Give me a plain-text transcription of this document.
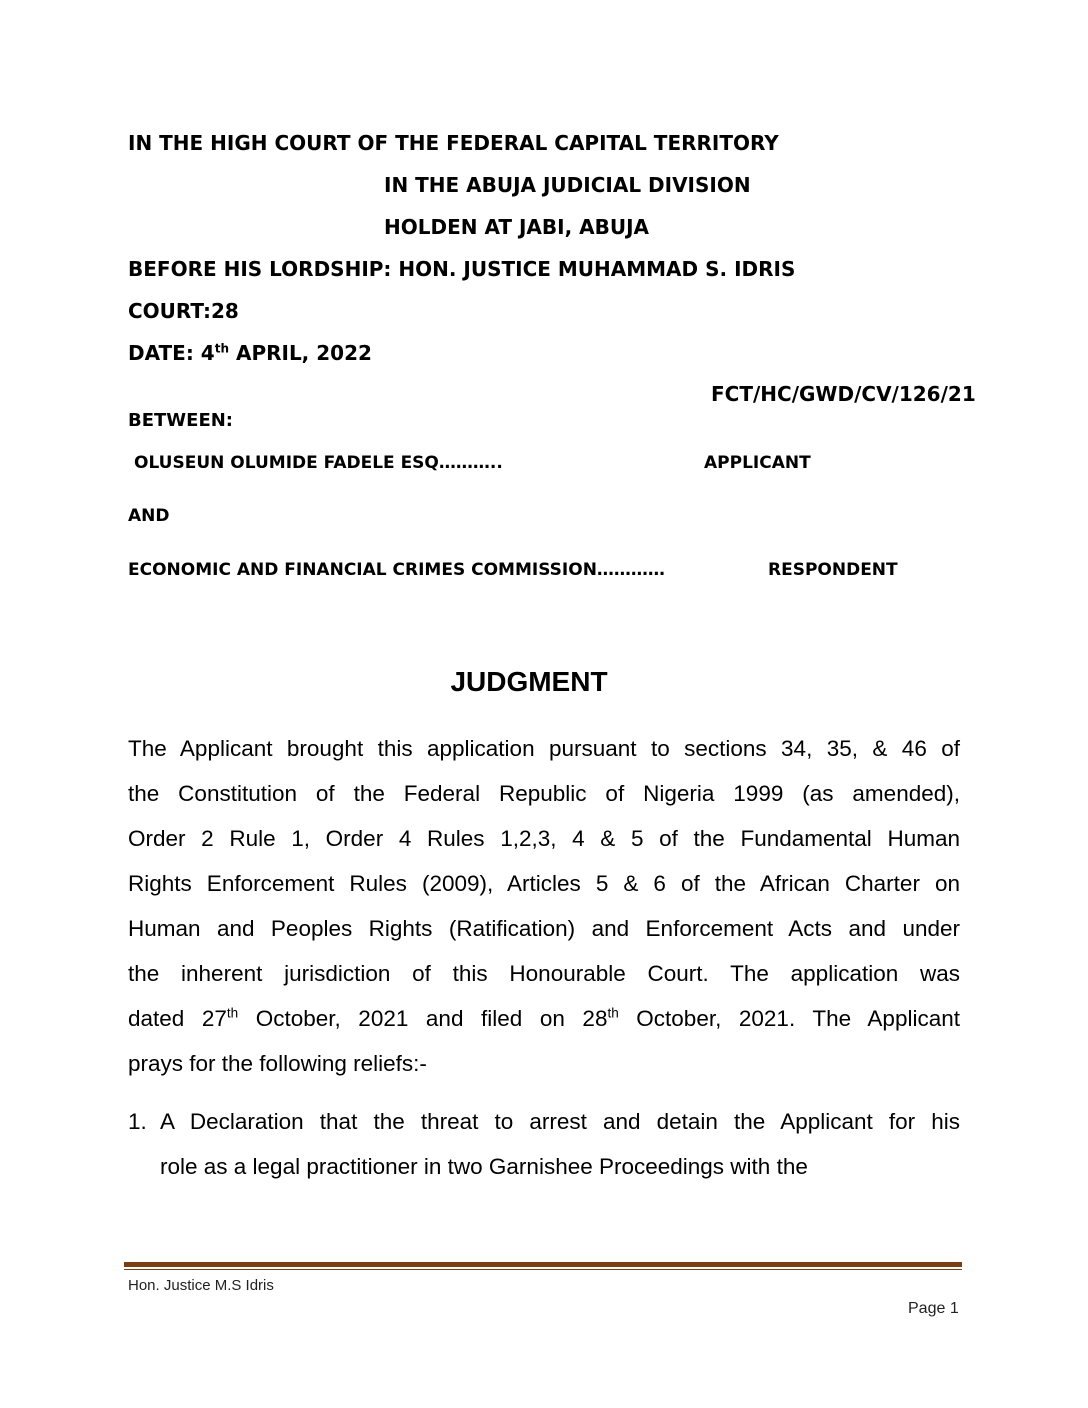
IN THE HIGH COURT OF THE FEDERAL CAPITAL TERRITORY
IN THE ABUJA JUDICIAL DIVISION
HOLDEN AT JABI, ABUJA
BEFORE HIS LORDSHIP: HON. JUSTICE MUHAMMAD S. IDRIS
COURT:28
DATE: 4th APRIL, 2022
FCT/HC/GWD/CV/126/21
BETWEEN:
OLUSEUN OLUMIDE FADELE ESQ………..	APPLICANT
AND
ECONOMIC AND FINANCIAL CRIMES COMMISSION…………	RESPONDENT
JUDGMENT
The Applicant brought this application pursuant to sections 34, 35, & 46 of
the Constitution of the Federal Republic of Nigeria 1999 (as amended),
Order 2 Rule 1, Order 4 Rules 1,2,3, 4 & 5 of the Fundamental Human
Rights Enforcement Rules (2009), Articles 5 & 6 of the African Charter on
Human and Peoples Rights (Ratification) and Enforcement Acts and under
the inherent jurisdiction of this Honourable Court. The application was
dated 27th October, 2021 and filed on 28th October, 2021. The Applicant
prays for the following reliefs:-
1. A Declaration that the threat to arrest and detain the Applicant for his
role as a legal practitioner in two Garnishee Proceedings with the
Hon. Justice M.S Idris
Page 1
